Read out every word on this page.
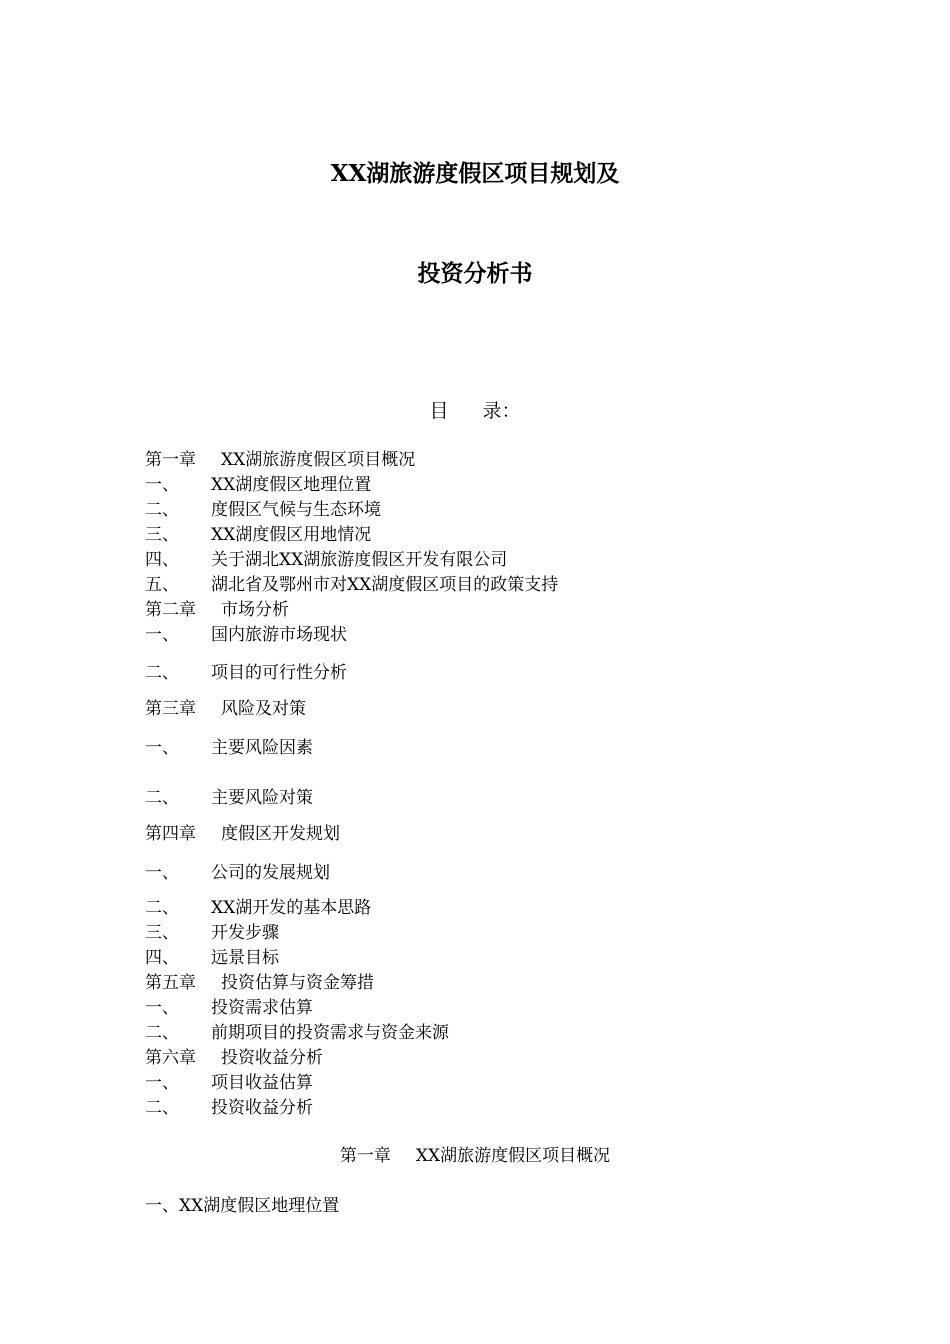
XX湖旅游度假区项目规划及
投资分析书
目 录：
第一章 XX湖旅游度假区项目概况
一、 XX湖度假区地理位置
二、 度假区气候与生态环境
三、 XX湖度假区用地情况
四、 关于湖北XX湖旅游度假区开发有限公司
五、 湖北省及鄂州市对XX湖度假区项目的政策支持
第二章 市场分析
一、 国内旅游市场现状
二、 项目的可行性分析
第三章 风险及对策
一、 主要风险因素
二、 主要风险对策
第四章 度假区开发规划
一、 公司的发展规划
二、 XX湖开发的基本思路
三、 开发步骤
四、 远景目标
第五章 投资估算与资金筹措
一、 投资需求估算
二、 前期项目的投资需求与资金来源
第六章 投资收益分析
一、 项目收益估算
二、 投资收益分析
第一章 XX湖旅游度假区项目概况
一、XX湖度假区地理位置
